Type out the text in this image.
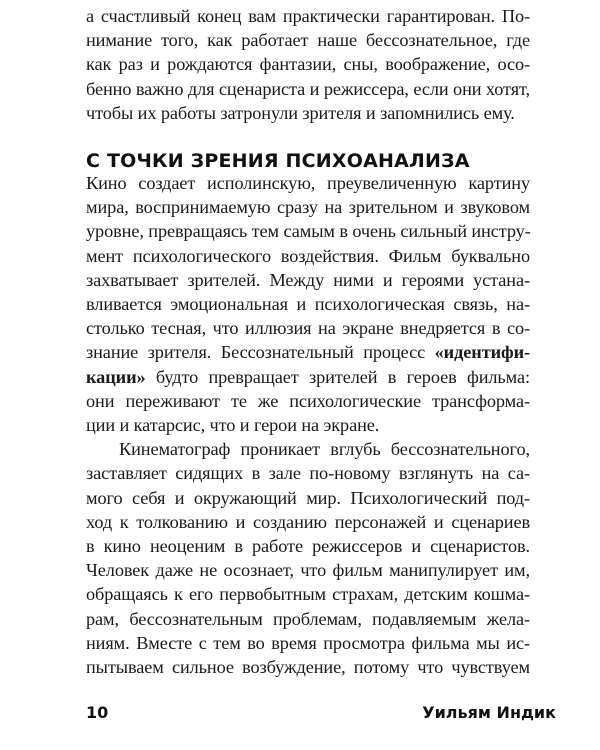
а счастливый конец вам практически гарантирован. По-
нимание того, как работает наше бессознательное, где
как раз и рождаются фантазии, сны, воображение, осо-
бенно важно для сценариста и режиссера, если они хотят,
чтобы их работы затронули зрителя и запомнились ему.
С ТОЧКИ ЗРЕНИЯ ПСИХОАНАЛИЗА
Кино создает исполинскую, преувеличенную картину
мира, воспринимаемую сразу на зрительном и звуковом
уровне, превращаясь тем самым в очень сильный инстру-
мент психологического воздействия. Фильм буквально
захватывает зрителей. Между ними и героями устана-
вливается эмоциональная и психологическая связь, на-
столько тесная, что иллюзия на экране внедряется в со-
знание зрителя. Бессознательный процесс «идентифи-
кации» будто превращает зрителей в героев фильма:
они переживают те же психологические трансформа-
ции и катарсис, что и герои на экране.
Кинематограф проникает вглубь бессознательного,
заставляет сидящих в зале по-новому взглянуть на са-
мого себя и окружающий мир. Психологический под-
ход к толкованию и созданию персонажей и сценариев
в кино неоценим в работе режиссеров и сценаристов.
Человек даже не осознает, что фильм манипулирует им,
обращаясь к его первобытным страхам, детским кошма-
рам, бессознательным проблемам, подавляемым жела-
ниям. Вместе с тем во время просмотра фильма мы ис-
пытываем сильное возбуждение, потому что чувствуем
10	Уильям Индик
